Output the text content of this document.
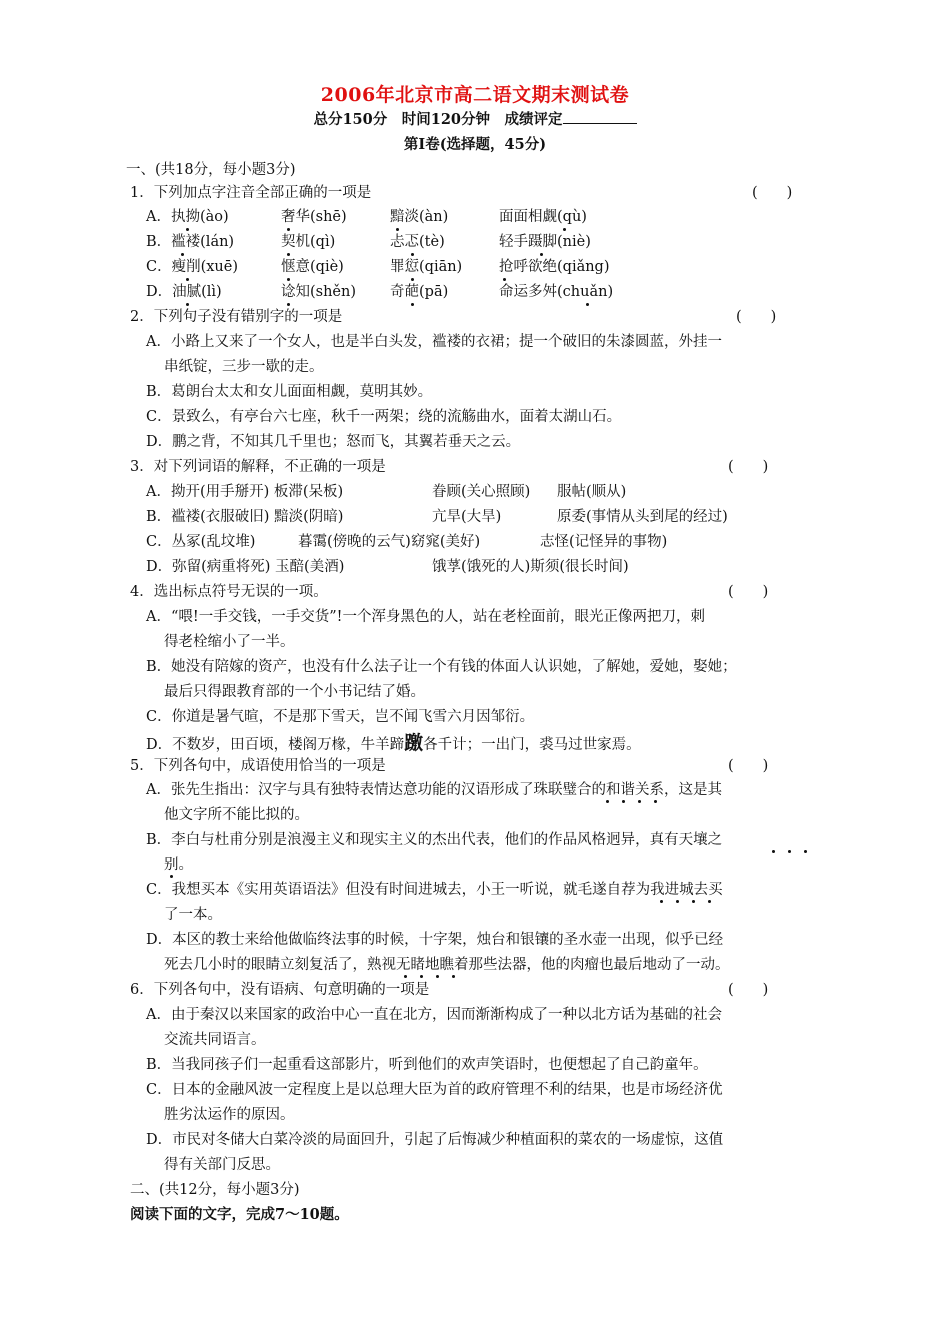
2006年北京市高二语文期末测试卷
总分150分　时间120分钟　成绩评定
第Ⅰ卷(选择题，45分)
一、(共18分，每小题3分)
1．下列加点字注音全部正确的一项是	(　　)
A．执拗(ào)	奢华(shē)	黯淡(àn)	面面相觑(qù)
B．褴褛(lán)	契机(qì)	忐忑(tè)	轻手蹑脚(niè)
C．瘦削(xuē)	惬意(qiè)	罪愆(qiān)	抢呼欲绝(qiǎng)
D．油腻(lì)	谂知(shěn) 奇葩(pā)	命运多舛(chuǎn)
2．下列句子没有错别字的一项是	(　　)
A．小路上又来了一个女人，也是半白头发，褴褛的衣裙；提一个破旧的朱漆圆蓝，外挂一
串纸锭，三步一歇的走。
B．葛朗台太太和女儿面面相觑，莫明其妙。
C．景致么，有亭台六七座，秋千一两架；绕的流觞曲水，面着太湖山石。
D．鹏之背，不知其几千里也；怒而飞，其翼若垂天之云。
3．对下列词语的解释，不正确的一项是	(　　)
A．拗开(用手掰开) 板滞(呆板)	眷顾(关心照顾) 服帖(顺从)
B．褴褛(衣服破旧) 黯淡(阴暗)	亢旱(大旱)	原委(事情从头到尾的经过)
C．丛冢(乱坟堆)	暮霭(傍晚的云气)窈窕(美好)	志怪(记怪异的事物)
D．弥留(病重将死) 玉醅(美酒)	饿莩(饿死的人)斯须(很长时间)
4．选出标点符号无误的一项。	(　　)
A．“喂!一手交钱，一手交货”!一个浑身黑色的人，站在老栓面前，眼光正像两把刀，刺
得老栓缩小了一半。
B．她没有陪嫁的资产，也没有什么法子让一个有钱的体面人认识她，了解她，爱她，娶她；
最后只得跟教育部的一个小书记结了婚。
C．你道是暑气暄，不是那下雪天，岂不闻飞雪六月因邹衍。
D．不数岁，田百顷，楼阁万椽，牛羊蹄躈各千计；一出门，裘马过世家焉。
5．下列各句中，成语使用恰当的一项是	(　　)
A．张先生指出：汉字与具有独特表情达意功能的汉语形成了珠联璧合的和谐关系，这是其
他文字所不能比拟的。
B．李白与杜甫分别是浪漫主义和现实主义的杰出代表，他们的作品风格迥异，真有天壤之
别。
C．我想买本《实用英语语法》但没有时间进城去，小王一听说，就毛遂自荐为我进城去买
了一本。
D．本区的教士来给他做临终法事的时候，十字架，烛台和银镶的圣水壶一出现，似乎已经
死去几小时的眼睛立刻复活了，熟视无睹地瞧着那些法器，他的肉瘤也最后地动了一动。
6．下列各句中，没有语病、句意明确的一项是	(　　)
A．由于秦汉以来国家的政治中心一直在北方，因而渐渐构成了一种以北方话为基础的社会
交流共同语言。
B．当我同孩子们一起重看这部影片，听到他们的欢声笑语时，也便想起了自己韵童年。
C．日本的金融风波一定程度上是以总理大臣为首的政府管理不利的结果，也是市场经济优
胜劣汰运作的原因。
D．市民对冬储大白菜冷淡的局面回升，引起了后悔减少种植面积的菜农的一场虚惊，这值
得有关部门反思。
二、(共12分，每小题3分)
阅读下面的文字，完成7～10题。
